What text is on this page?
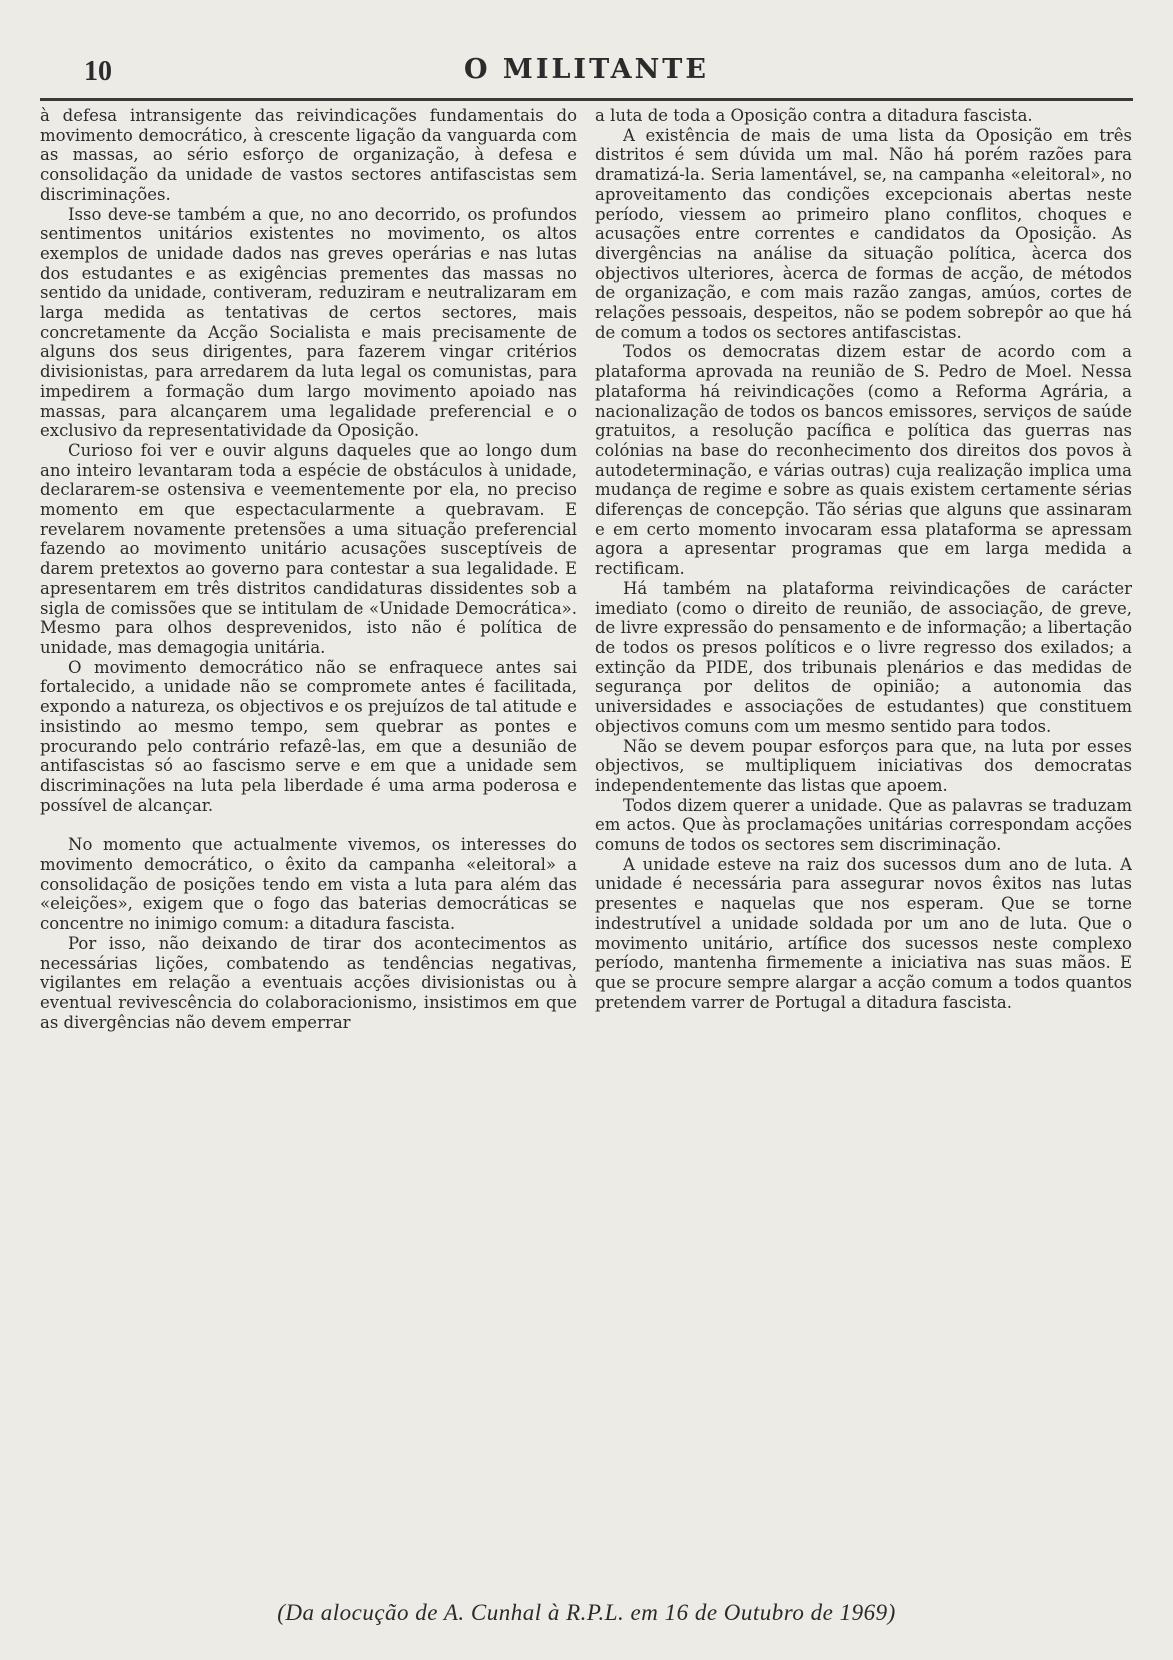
10	O MILITANTE

à defesa intransigente das reivindicações fundamentais do movimento democrático, à crescente ligação da vanguarda com as massas, ao sério esforço de organização, à defesa e consolidação da unidade de vastos sectores antifascistas sem discriminações.

Isso deve-se também a que, no ano decorrido, os profundos sentimentos unitários existentes no movimento, os altos exemplos de unidade dados nas greves operárias e nas lutas dos estudantes e as exigências prementes das massas no sentido da unidade, contiveram, reduziram e neutralizaram em larga medida as tentativas de certos sectores, mais concretamente da Acção Socialista e mais precisamente de alguns dos seus dirigentes, para fazerem vingar critérios divisionistas, para arredarem da luta legal os comunistas, para impedirem a formação dum largo movimento apoiado nas massas, para alcançarem uma legalidade preferencial e o exclusivo da representatividade da Oposição.

Curioso foi ver e ouvir alguns daqueles que ao longo dum ano inteiro levantaram toda a espécie de obstáculos à unidade, declararem-se ostensiva e veementemente por ela, no preciso momento em que espectacularmente a quebravam. E revelarem novamente pretensões a uma situação preferencial fazendo ao movimento unitário acusações susceptíveis de darem pretextos ao governo para contestar a sua legalidade. E apresentarem em três distritos candidaturas dissidentes sob a sigla de comissões que se intitulam de «Unidade Democrática». Mesmo para olhos desprevenidos, isto não é política de unidade, mas demagogia unitária.

O movimento democrático não se enfraquece antes sai fortalecido, a unidade não se compromete antes é facilitada, expondo a natureza, os objectivos e os prejuízos de tal atitude e insistindo ao mesmo tempo, sem quebrar as pontes e procurando pelo contrário refazê-las, em que a desunião de antifascistas só ao fascismo serve e em que a unidade sem discriminações na luta pela liberdade é uma arma poderosa e possível de alcançar.

No momento que actualmente vivemos, os interesses do movimento democrático, o êxito da campanha «eleitoral» a consolidação de posições tendo em vista a luta para além das «eleições», exigem que o fogo das baterias democráticas se concentre no inimigo comum: a ditadura fascista.

Por isso, não deixando de tirar dos acontecimentos as necessárias lições, combatendo as tendências negativas, vigilantes em relação a eventuais acções divisionistas ou à eventual revivescência do colaboracionismo, insistimos em que as divergências não devem emperrar

a luta de toda a Oposição contra a ditadura fascista.

A existência de mais de uma lista da Oposição em três distritos é sem dúvida um mal. Não há porém razões para dramatizá-la. Seria lamentável, se, na campanha «eleitoral», no aproveitamento das condições excepcionais abertas neste período, viessem ao primeiro plano conflitos, choques e acusações entre correntes e candidatos da Oposição. As divergências na análise da situação política, àcerca dos objectivos ulteriores, àcerca de formas de acção, de métodos de organização, e com mais razão zangas, amúos, cortes de relações pessoais, despeitos, não se podem sobrepôr ao que há de comum a todos os sectores antifascistas.

Todos os democratas dizem estar de acordo com a plataforma aprovada na reunião de S. Pedro de Moel. Nessa plataforma há reivindicações (como a Reforma Agrária, a nacionalização de todos os bancos emissores, serviços de saúde gratuitos, a resolução pacífica e política das guerras nas colónias na base do reconhecimento dos direitos dos povos à autodeterminação, e várias outras) cuja realização implica uma mudança de regime e sobre as quais existem certamente sérias diferenças de concepção. Tão sérias que alguns que assinaram e em certo momento invocaram essa plataforma se apressam agora a apresentar programas que em larga medida a rectificam.

Há também na plataforma reivindicações de carácter imediato (como o direito de reunião, de associação, de greve, de livre expressão do pensamento e de informação; a libertação de todos os presos políticos e o livre regresso dos exilados; a extinção da PIDE, dos tribunais plenários e das medidas de segurança por delitos de opinião; a autonomia das universidades e associações de estudantes) que constituem objectivos comuns com um mesmo sentido para todos.

Não se devem poupar esforços para que, na luta por esses objectivos, se multipliquem iniciativas dos democratas independentemente das listas que apoem.

Todos dizem querer a unidade. Que as palavras se traduzam em actos. Que às proclamações unitárias correspondam acções comuns de todos os sectores sem discriminação.

A unidade esteve na raiz dos sucessos dum ano de luta. A unidade é necessária para assegurar novos êxitos nas lutas presentes e naquelas que nos esperam. Que se torne indestrutível a unidade soldada por um ano de luta. Que o movimento unitário, artífice dos sucessos neste complexo período, mantenha firmemente a iniciativa nas suas mãos. E que se procure sempre alargar a acção comum a todos quantos pretendem varrer de Portugal a ditadura fascista.

(Da alocução de A. Cunhal à R.P.L. em 16 de Outubro de 1969)
